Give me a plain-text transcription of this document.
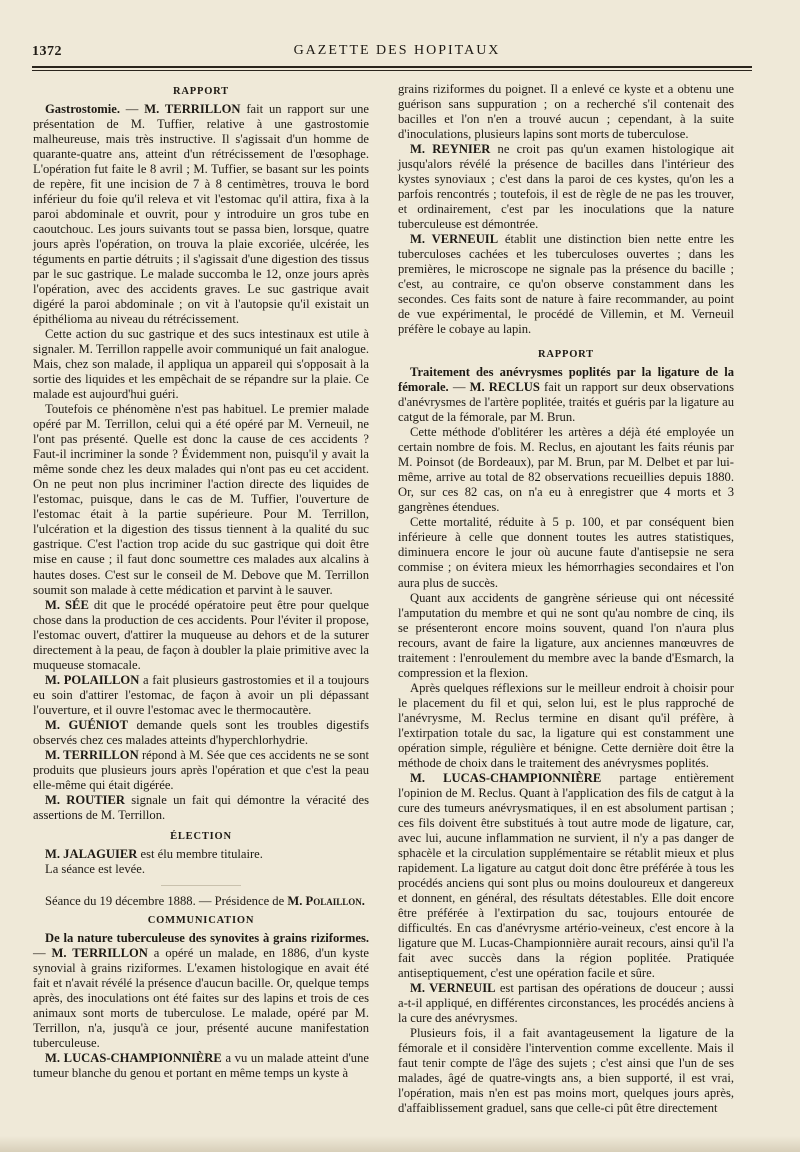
1372	GAZETTE DES HOPITAUX
RAPPORT

Gastrostomie. — M. TERRILLON fait un rapport sur une présentation de M. Tuffier, relative à une gastrostomie malheureuse, mais très instructive. Il s'agissait d'un homme de quarante-quatre ans, atteint d'un rétrécissement de l'œsophage. L'opération fut faite le 8 avril ; M. Tuffier, se basant sur les points de repère, fit une incision de 7 à 8 centimètres, trouva le bord inférieur du foie qu'il releva et vit l'estomac qu'il attira, fixa à la paroi abdominale et ouvrit, pour y introduire un gros tube en caoutchouc. Les jours suivants tout se passa bien, lorsque, quatre jours après l'opération, on trouva la plaie excoriée, ulcérée, les téguments en partie détruits ; il s'agissait d'une digestion des tissus par le suc gastrique. Le malade succomba le 12, onze jours après l'opération, avec des accidents graves. Le suc gastrique avait digéré la paroi abdominale ; on vit à l'autopsie qu'il existait un épithélioma au niveau du rétrécissement.

Cette action du suc gastrique et des sucs intestinaux est utile à signaler. M. Terrillon rappelle avoir communiqué un fait analogue. Mais, chez son malade, il appliqua un appareil qui s'opposait à la sortie des liquides et les empêchait de se répandre sur la plaie. Ce malade est aujourd'hui guéri.

Toutefois ce phénomène n'est pas habituel. Le premier malade opéré par M. Terrillon, celui qui a été opéré par M. Verneuil, ne l'ont pas présenté. Quelle est donc la cause de ces accidents ? Faut-il incriminer la sonde ? Évidemment non, puisqu'il y avait la même sonde chez les deux malades qui n'ont pas eu cet accident. On ne peut non plus incriminer l'action directe des liquides de l'estomac, puisque, dans le cas de M. Tuffier, l'ouverture de l'estomac était à la partie supérieure. Pour M. Terrillon, l'ulcération et la digestion des tissus tiennent à la qualité du suc gastrique. C'est l'action trop acide du suc gastrique qui doit être mise en cause ; il faut donc soumettre ces malades aux alcalins à hautes doses. C'est sur le conseil de M. Debove que M. Terrillon soumit son malade à cette médication et parvint à le sauver.

M. SÉE dit que le procédé opératoire peut être pour quelque chose dans la production de ces accidents. Pour l'éviter il propose, l'estomac ouvert, d'attirer la muqueuse au dehors et de la suturer directement à la peau, de façon à doubler la plaie primitive avec la muqueuse stomacale.

M. POLAILLON a fait plusieurs gastrostomies et il a toujours eu soin d'attirer l'estomac, de façon à avoir un pli dépassant l'ouverture, et il ouvre l'estomac avec le thermocautère.

M. GUÉNIOT demande quels sont les troubles digestifs observés chez ces malades atteints d'hyperchlorhydrie.

M. TERRILLON répond à M. Sée que ces accidents ne se sont produits que plusieurs jours après l'opération et que c'est la peau elle-même qui était digérée.

M. ROUTIER signale un fait qui démontre la véracité des assertions de M. Terrillon.

ÉLECTION

M. JALAGUIER est élu membre titulaire.

La séance est levée.

Séance du 19 décembre 1888. — Présidence de M. Polaillon.

COMMUNICATION

De la nature tuberculeuse des synovites à grains riziformes. — M. TERRILLON a opéré un malade, en 1886, d'un kyste synovial à grains riziformes. L'examen histologique en avait été fait et n'avait révélé la présence d'aucun bacille. Or, quelque temps après, des inoculations ont été faites sur des lapins et trois de ces animaux sont morts de tuberculose. Le malade, opéré par M. Terrillon, n'a, jusqu'à ce jour, présenté aucune manifestation tuberculeuse.

M. LUCAS-CHAMPIONNIÈRE a vu un malade atteint d'une tumeur blanche du genou et portant en même temps un kyste à

grains riziformes du poignet. Il a enlevé ce kyste et a obtenu une guérison sans suppuration ; on a recherché s'il contenait des bacilles et l'on n'en a trouvé aucun ; cependant, à la suite d'inoculations, plusieurs lapins sont morts de tuberculose.

M. REYNIER ne croit pas qu'un examen histologique ait jusqu'alors révélé la présence de bacilles dans l'intérieur des kystes synoviaux ; c'est dans la paroi de ces kystes, qu'on les a parfois rencontrés ; toutefois, il est de règle de ne pas les trouver, et ordinairement, c'est par les inoculations que la nature tuberculeuse est démontrée.

M. VERNEUIL établit une distinction bien nette entre les tuberculoses cachées et les tuberculoses ouvertes ; dans les premières, le microscope ne signale pas la présence du bacille ; c'est, au contraire, ce qu'on observe constamment dans les secondes. Ces faits sont de nature à faire recommander, au point de vue expérimental, le procédé de Villemin, et M. Verneuil préfère le cobaye au lapin.

RAPPORT

Traitement des anévrysmes poplités par la ligature de la fémorale. — M. RECLUS fait un rapport sur deux observations d'anévrysmes de l'artère poplitée, traités et guéris par la ligature au catgut de la fémorale, par M. Brun.

Cette méthode d'oblitérer les artères a déjà été employée un certain nombre de fois. M. Reclus, en ajoutant les faits réunis par M. Poinsot (de Bordeaux), par M. Brun, par M. Delbet et par lui-même, arrive au total de 82 observations recueillies depuis 1880. Or, sur ces 82 cas, on n'a eu à enregistrer que 4 morts et 3 gangrènes étendues.

Cette mortalité, réduite à 5 p. 100, et par conséquent bien inférieure à celle que donnent toutes les autres statistiques, diminuera encore le jour où aucune faute d'antisepsie ne sera commise ; on évitera mieux les hémorrhagies secondaires et l'on aura plus de succès.

Quant aux accidents de gangrène sérieuse qui ont nécessité l'amputation du membre et qui ne sont qu'au nombre de cinq, ils se présenteront encore moins souvent, quand l'on n'aura plus recours, avant de faire la ligature, aux anciennes manœuvres de traitement : l'enroulement du membre avec la bande d'Esmarch, la compression et la flexion.

Après quelques réflexions sur le meilleur endroit à choisir pour le placement du fil et qui, selon lui, est le plus rapproché de l'anévrysme, M. Reclus termine en disant qu'il préfère, à l'extirpation totale du sac, la ligature qui est constamment une opération simple, régulière et bénigne. Cette dernière doit être la méthode de choix dans le traitement des anévrysmes poplités.

M. LUCAS-CHAMPIONNIÈRE partage entièrement l'opinion de M. Reclus. Quant à l'application des fils de catgut à la cure des tumeurs anévrysmatiques, il en est absolument partisan ; ces fils doivent être substitués à tout autre mode de ligature, car, avec lui, aucune inflammation ne survient, il n'y a pas danger de sphacèle et la circulation supplémentaire se rétablit mieux et plus rapidement. La ligature au catgut doit donc être préférée à tous les procédés anciens qui sont plus ou moins douloureux et dangereux et donnent, en général, des résultats détestables. Elle doit encore être préférée à l'extirpation du sac, toujours entourée de difficultés. En cas d'anévrysme artério-veineux, c'est encore à la ligature que M. Lucas-Championnière aurait recours, ainsi qu'il l'a fait avec succès dans la région poplitée. Pratiquée antiseptiquement, c'est une opération facile et sûre.

M. VERNEUIL est partisan des opérations de douceur ; aussi a-t-il appliqué, en différentes circonstances, les procédés anciens à la cure des anévrysmes.

Plusieurs fois, il a fait avantageusement la ligature de la fémorale et il considère l'intervention comme excellente. Mais il faut tenir compte de l'âge des sujets ; c'est ainsi que l'un de ses malades, âgé de quatre-vingts ans, a bien supporté, il est vrai, l'opération, mais n'en est pas moins mort, quelques jours après, d'affaiblissement graduel, sans que celle-ci pût être directement
